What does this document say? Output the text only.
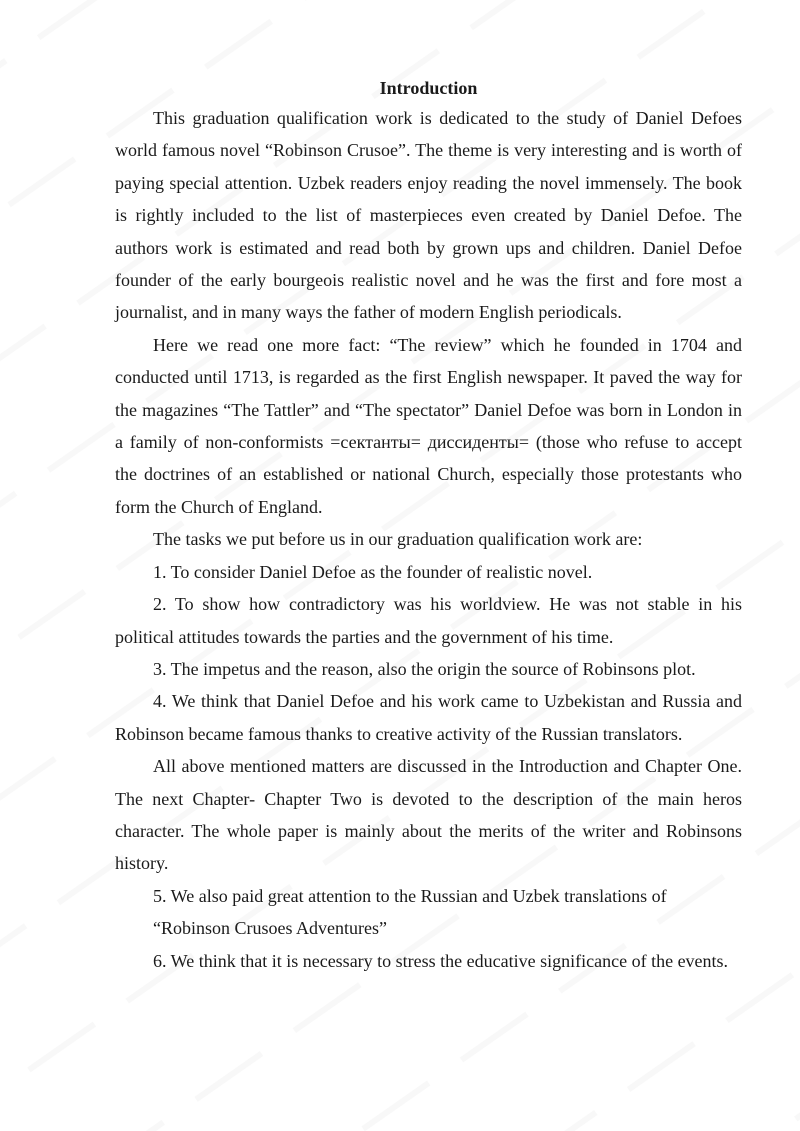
Introduction

This graduation qualification work is dedicated to the study of Daniel Defoes world famous novel “Robinson Crusoe”. The theme is very interesting and is worth of paying special attention. Uzbek readers enjoy reading the novel immensely. The book is rightly included to the list of masterpieces even created by Daniel Defoe. The authors work is estimated and read both by grown ups and children. Daniel Defoe founder of the early bourgeois realistic novel and he was the first and fore most a journalist, and in many ways the father of modern English periodicals.

Here we read one more fact: “The review” which he founded in 1704 and conducted until 1713, is regarded as the first English newspaper. It paved the way for the magazines “The Tattler” and “The spectator” Daniel Defoe was born in London in a family of non-conformists =сектанты= диссиденты= (those who refuse to accept the doctrines of an established or national Church, especially those protestants who form the Church of England.

The tasks we put before us in our graduation qualification work are:

1. To consider Daniel Defoe as the founder of realistic novel.

2. To show how contradictory was his worldview. He was not stable in his political attitudes towards the parties and the government of his time.

3. The impetus and the reason, also the origin the source of Robinsons plot.

4. We think that Daniel Defoe and his work came to Uzbekistan and Russia and Robinson became famous thanks to creative activity of the Russian translators.

All above mentioned matters are discussed in the Introduction and Chapter One. The next Chapter- Chapter Two is devoted to the description of the main heros character. The whole paper is mainly about the merits of the writer and Robinsons history.

5. We also paid great attention to the Russian and Uzbek translations of

“Robinson Crusoes Adventures”

6. We think that it is necessary to stress the educative significance of the events.
